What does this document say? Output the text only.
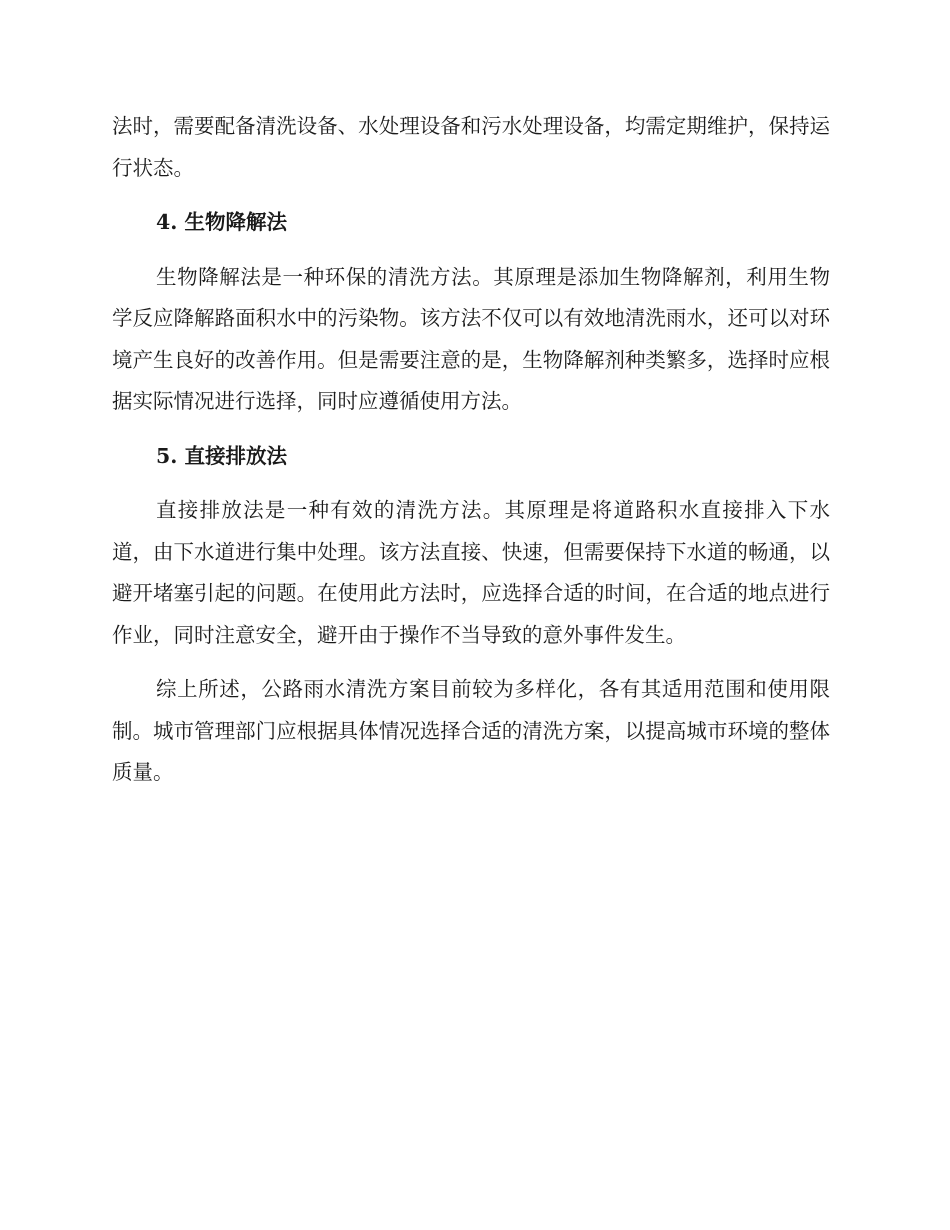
法时，需要配备清洗设备、水处理设备和污水处理设备，均需定期维护，保持运行状态。

4. 生物降解法

生物降解法是一种环保的清洗方法。其原理是添加生物降解剂，利用生物学反应降解路面积水中的污染物。该方法不仅可以有效地清洗雨水，还可以对环境产生良好的改善作用。但是需要注意的是，生物降解剂种类繁多，选择时应根据实际情况进行选择，同时应遵循使用方法。

5. 直接排放法

直接排放法是一种有效的清洗方法。其原理是将道路积水直接排入下水道，由下水道进行集中处理。该方法直接、快速，但需要保持下水道的畅通，以避开堵塞引起的问题。在使用此方法时，应选择合适的时间，在合适的地点进行作业，同时注意安全，避开由于操作不当导致的意外事件发生。

综上所述，公路雨水清洗方案目前较为多样化，各有其适用范围和使用限制。城市管理部门应根据具体情况选择合适的清洗方案，以提高城市环境的整体质量。
